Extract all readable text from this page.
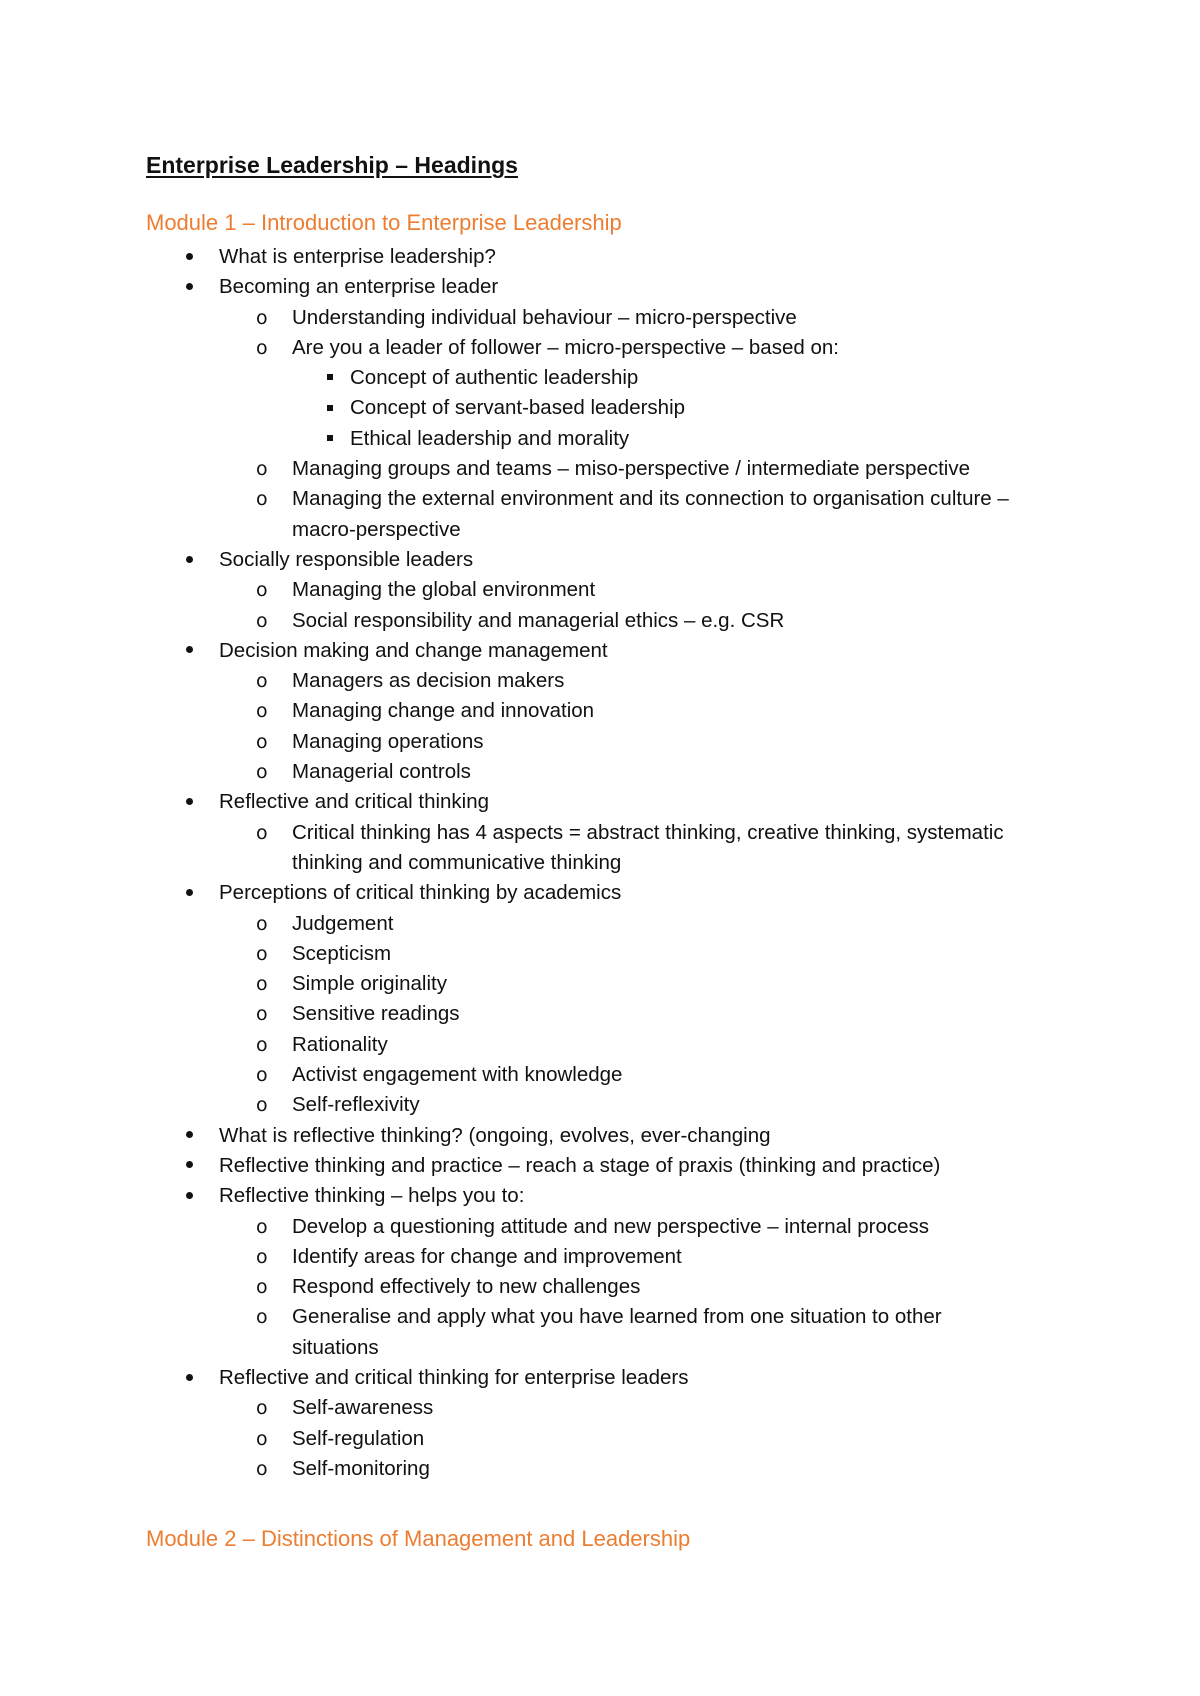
Enterprise Leadership – Headings
Module 1 – Introduction to Enterprise Leadership
What is enterprise leadership?
Becoming an enterprise leader
o Understanding individual behaviour – micro-perspective
o Are you a leader of follower – micro-perspective – based on:
Concept of authentic leadership
Concept of servant-based leadership
Ethical leadership and morality
o Managing groups and teams – miso-perspective / intermediate perspective
o Managing the external environment and its connection to organisation culture – macro-perspective
Socially responsible leaders
o Managing the global environment
o Social responsibility and managerial ethics – e.g. CSR
Decision making and change management
o Managers as decision makers
o Managing change and innovation
o Managing operations
o Managerial controls
Reflective and critical thinking
o Critical thinking has 4 aspects = abstract thinking, creative thinking, systematic thinking and communicative thinking
Perceptions of critical thinking by academics
o Judgement
o Scepticism
o Simple originality
o Sensitive readings
o Rationality
o Activist engagement with knowledge
o Self-reflexivity
What is reflective thinking? (ongoing, evolves, ever-changing
Reflective thinking and practice – reach a stage of praxis (thinking and practice)
Reflective thinking – helps you to:
o Develop a questioning attitude and new perspective – internal process
o Identify areas for change and improvement
o Respond effectively to new challenges
o Generalise and apply what you have learned from one situation to other situations
Reflective and critical thinking for enterprise leaders
o Self-awareness
o Self-regulation
o Self-monitoring
Module 2 – Distinctions of Management and Leadership
